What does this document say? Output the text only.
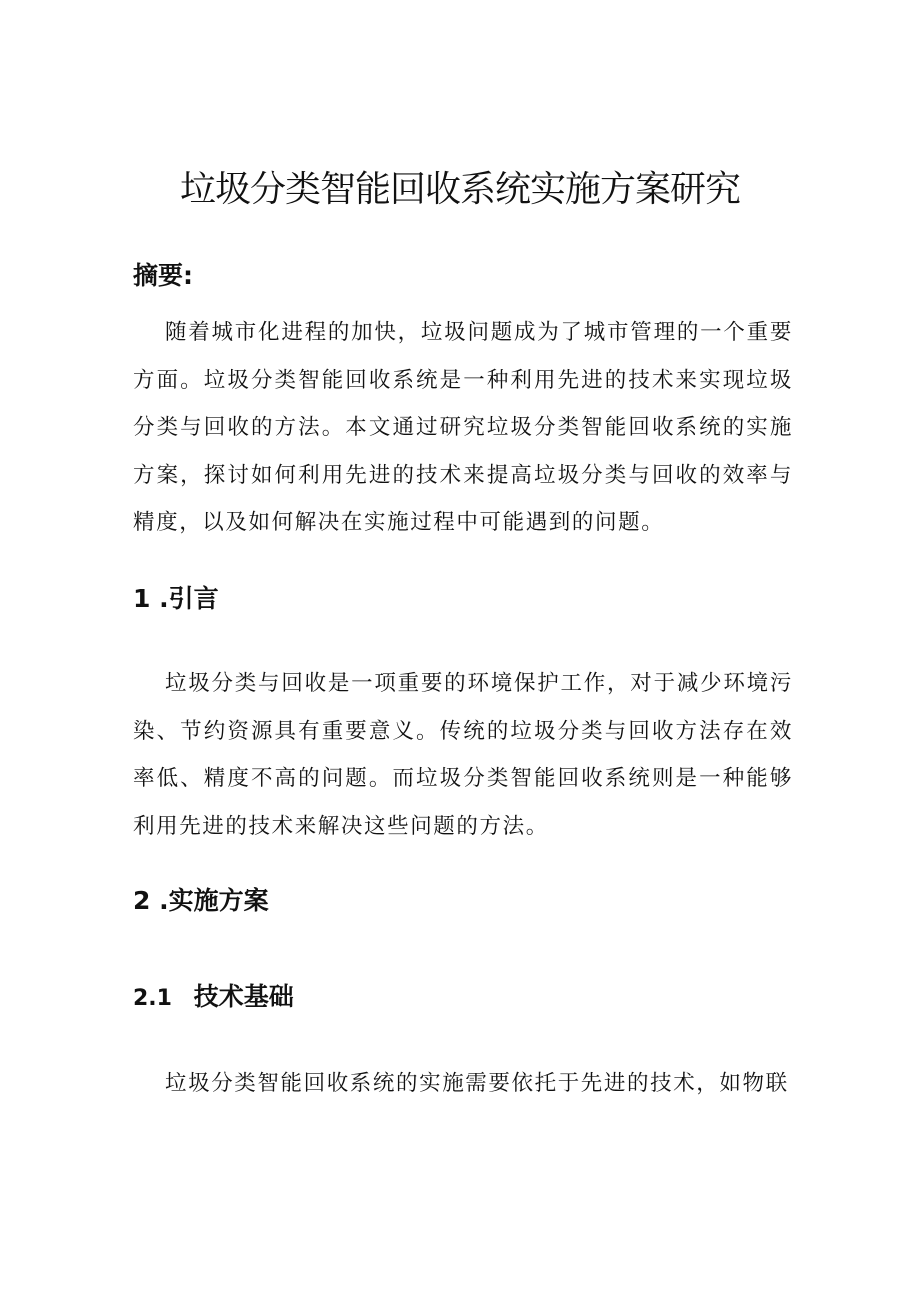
垃圾分类智能回收系统实施方案研究
摘要:

随着城市化进程的加快，垃圾问题成为了城市管理的一个重要方面。垃圾分类智能回收系统是一种利用先进的技术来实现垃圾分类与回收的方法。本文通过研究垃圾分类智能回收系统的实施方案，探讨如何利用先进的技术来提高垃圾分类与回收的效率与精度，以及如何解决在实施过程中可能遇到的问题。

1 .引言

垃圾分类与回收是一项重要的环境保护工作，对于减少环境污染、节约资源具有重要意义。传统的垃圾分类与回收方法存在效率低、精度不高的问题。而垃圾分类智能回收系统则是一种能够利用先进的技术来解决这些问题的方法。

2 .实施方案
2.1 技术基础

垃圾分类智能回收系统的实施需要依托于先进的技术，如物联
